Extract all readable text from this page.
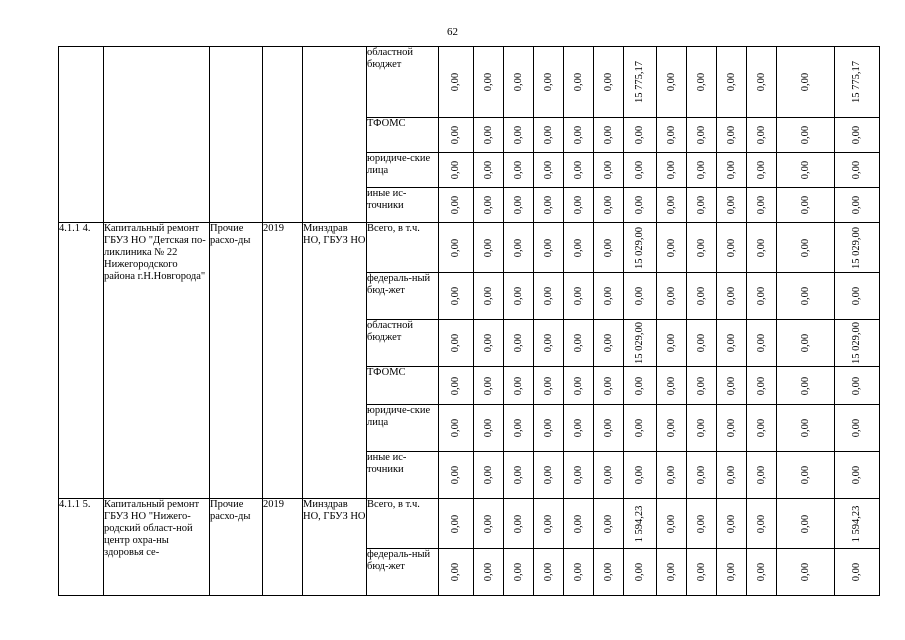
62
					областной бюджет	0,00	0,00	0,00	0,00	0,00	0,00	15 775,17	0,00	0,00	0,00	0,00	0,00	15 775,17

					ТФОМС	0,00	0,00	0,00	0,00	0,00	0,00	0,00	0,00	0,00	0,00	0,00	0,00	0,00

					юридиче-ские лица	0,00	0,00	0,00	0,00	0,00	0,00	0,00	0,00	0,00	0,00	0,00	0,00	0,00

					иные ис-точники	0,00	0,00	0,00	0,00	0,00	0,00	0,00	0,00	0,00	0,00	0,00	0,00	0,00

4.1.1 4.	Капитальный ремонт ГБУЗ НО "Детская по-ликлиника № 22 Нижегородского района г.Н.Новгорода"	Прочие расхо-ды	2019	Минздрав НО, ГБУЗ НО	Всего, в т.ч.	0,00	0,00	0,00	0,00	0,00	0,00	15 029,00	0,00	0,00	0,00	0,00	0,00	15 029,00

					федераль-ный бюд-жет	0,00	0,00	0,00	0,00	0,00	0,00	0,00	0,00	0,00	0,00	0,00	0,00	0,00

					областной бюджет	0,00	0,00	0,00	0,00	0,00	0,00	15 029,00	0,00	0,00	0,00	0,00	0,00	15 029,00

					ТФОМС	0,00	0,00	0,00	0,00	0,00	0,00	0,00	0,00	0,00	0,00	0,00	0,00	0,00

					юридиче-ские лица	0,00	0,00	0,00	0,00	0,00	0,00	0,00	0,00	0,00	0,00	0,00	0,00	0,00

					иные ис-точники	0,00	0,00	0,00	0,00	0,00	0,00	0,00	0,00	0,00	0,00	0,00	0,00	0,00

4.1.1 5.	Капитальный ремонт ГБУЗ НО "Нижего-родский област-ной центр охра-ны здоровья се-	Прочие расхо-ды	2019	Минздрав НО, ГБУЗ НО	Всего, в т.ч.	0,00	0,00	0,00	0,00	0,00	0,00	1 594,23	0,00	0,00	0,00	0,00	0,00	1 594,23

					федераль-ный бюд-жет	0,00	0,00	0,00	0,00	0,00	0,00	0,00	0,00	0,00	0,00	0,00	0,00	0,00
